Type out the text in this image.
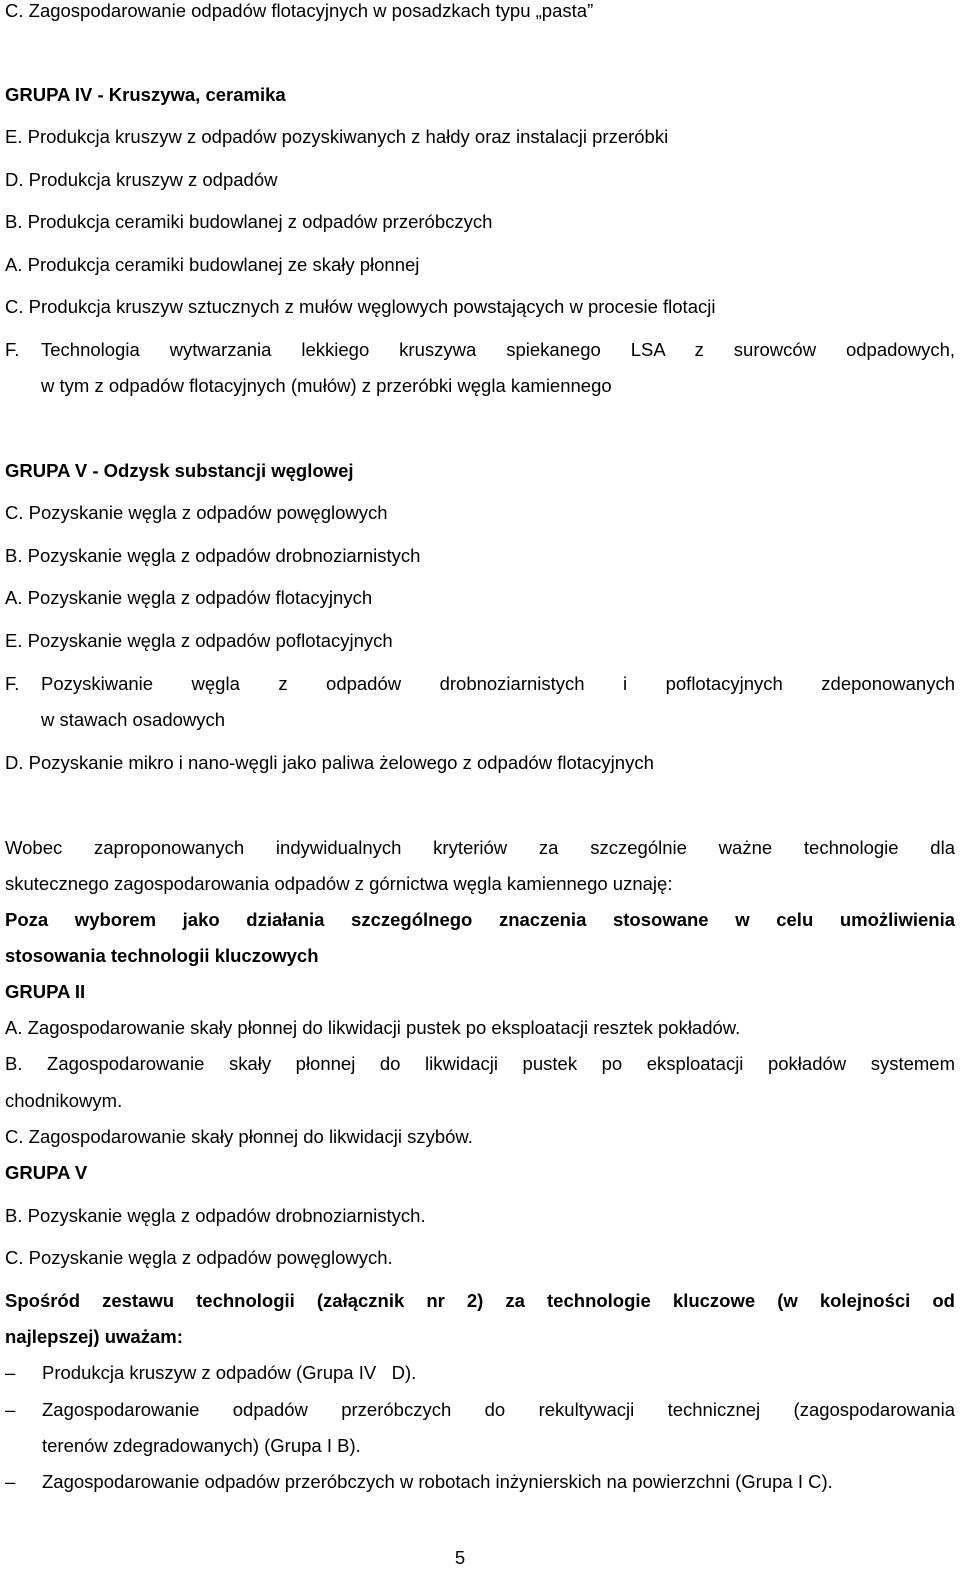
C. Zagospodarowanie odpadów flotacyjnych w posadzkach typu „pasta”
GRUPA IV - Kruszywa, ceramika
E. Produkcja kruszyw z odpadów pozyskiwanych z hałdy oraz instalacji przeróbki
D. Produkcja kruszyw z odpadów
B. Produkcja ceramiki budowlanej z odpadów przeróbczych
A. Produkcja ceramiki budowlanej ze skały płonnej
C. Produkcja kruszyw sztucznych z mułów węglowych powstających w procesie flotacji
F.	Technologia wytwarzania lekkiego kruszywa spiekanego LSA z surowców odpadowych,
w tym z odpadów flotacyjnych (mułów) z przeróbki węgla kamiennego
GRUPA V - Odzysk substancji węglowej
C. Pozyskanie węgla z odpadów powęglowych
B. Pozyskanie węgla z odpadów drobnoziarnistych
A. Pozyskanie węgla z odpadów flotacyjnych
E. Pozyskanie węgla z odpadów poflotacyjnych
F.	Pozyskiwanie węgla z odpadów drobnoziarnistych i poflotacyjnych zdeponowanych
w stawach osadowych
D. Pozyskanie mikro i nano-węgli jako paliwa żelowego z odpadów flotacyjnych
Wobec zaproponowanych indywidualnych kryteriów za szczególnie ważne technologie dla
skutecznego zagospodarowania odpadów z górnictwa węgla kamiennego uznaję:
Poza wyborem jako działania szczególnego znaczenia stosowane w celu umożliwienia
stosowania technologii kluczowych
GRUPA II
A. Zagospodarowanie skały płonnej do likwidacji pustek po eksploatacji resztek pokładów.
B. Zagospodarowanie skały płonnej do likwidacji pustek po eksploatacji pokładów systemem
chodnikowym.
C. Zagospodarowanie skały płonnej do likwidacji szybów.
GRUPA V
B. Pozyskanie węgla z odpadów drobnoziarnistych.
C. Pozyskanie węgla z odpadów powęglowych.
Spośród zestawu technologii (załącznik nr 2) za technologie kluczowe (w kolejności od
najlepszej) uważam:
–	Produkcja kruszyw z odpadów (Grupa IV   D).
–	Zagospodarowanie odpadów przeróbczych do rekultywacji technicznej (zagospodarowania
terenów zdegradowanych) (Grupa I B).
–	Zagospodarowanie odpadów przeróbczych w robotach inżynierskich na powierzchni (Grupa I C).
5
